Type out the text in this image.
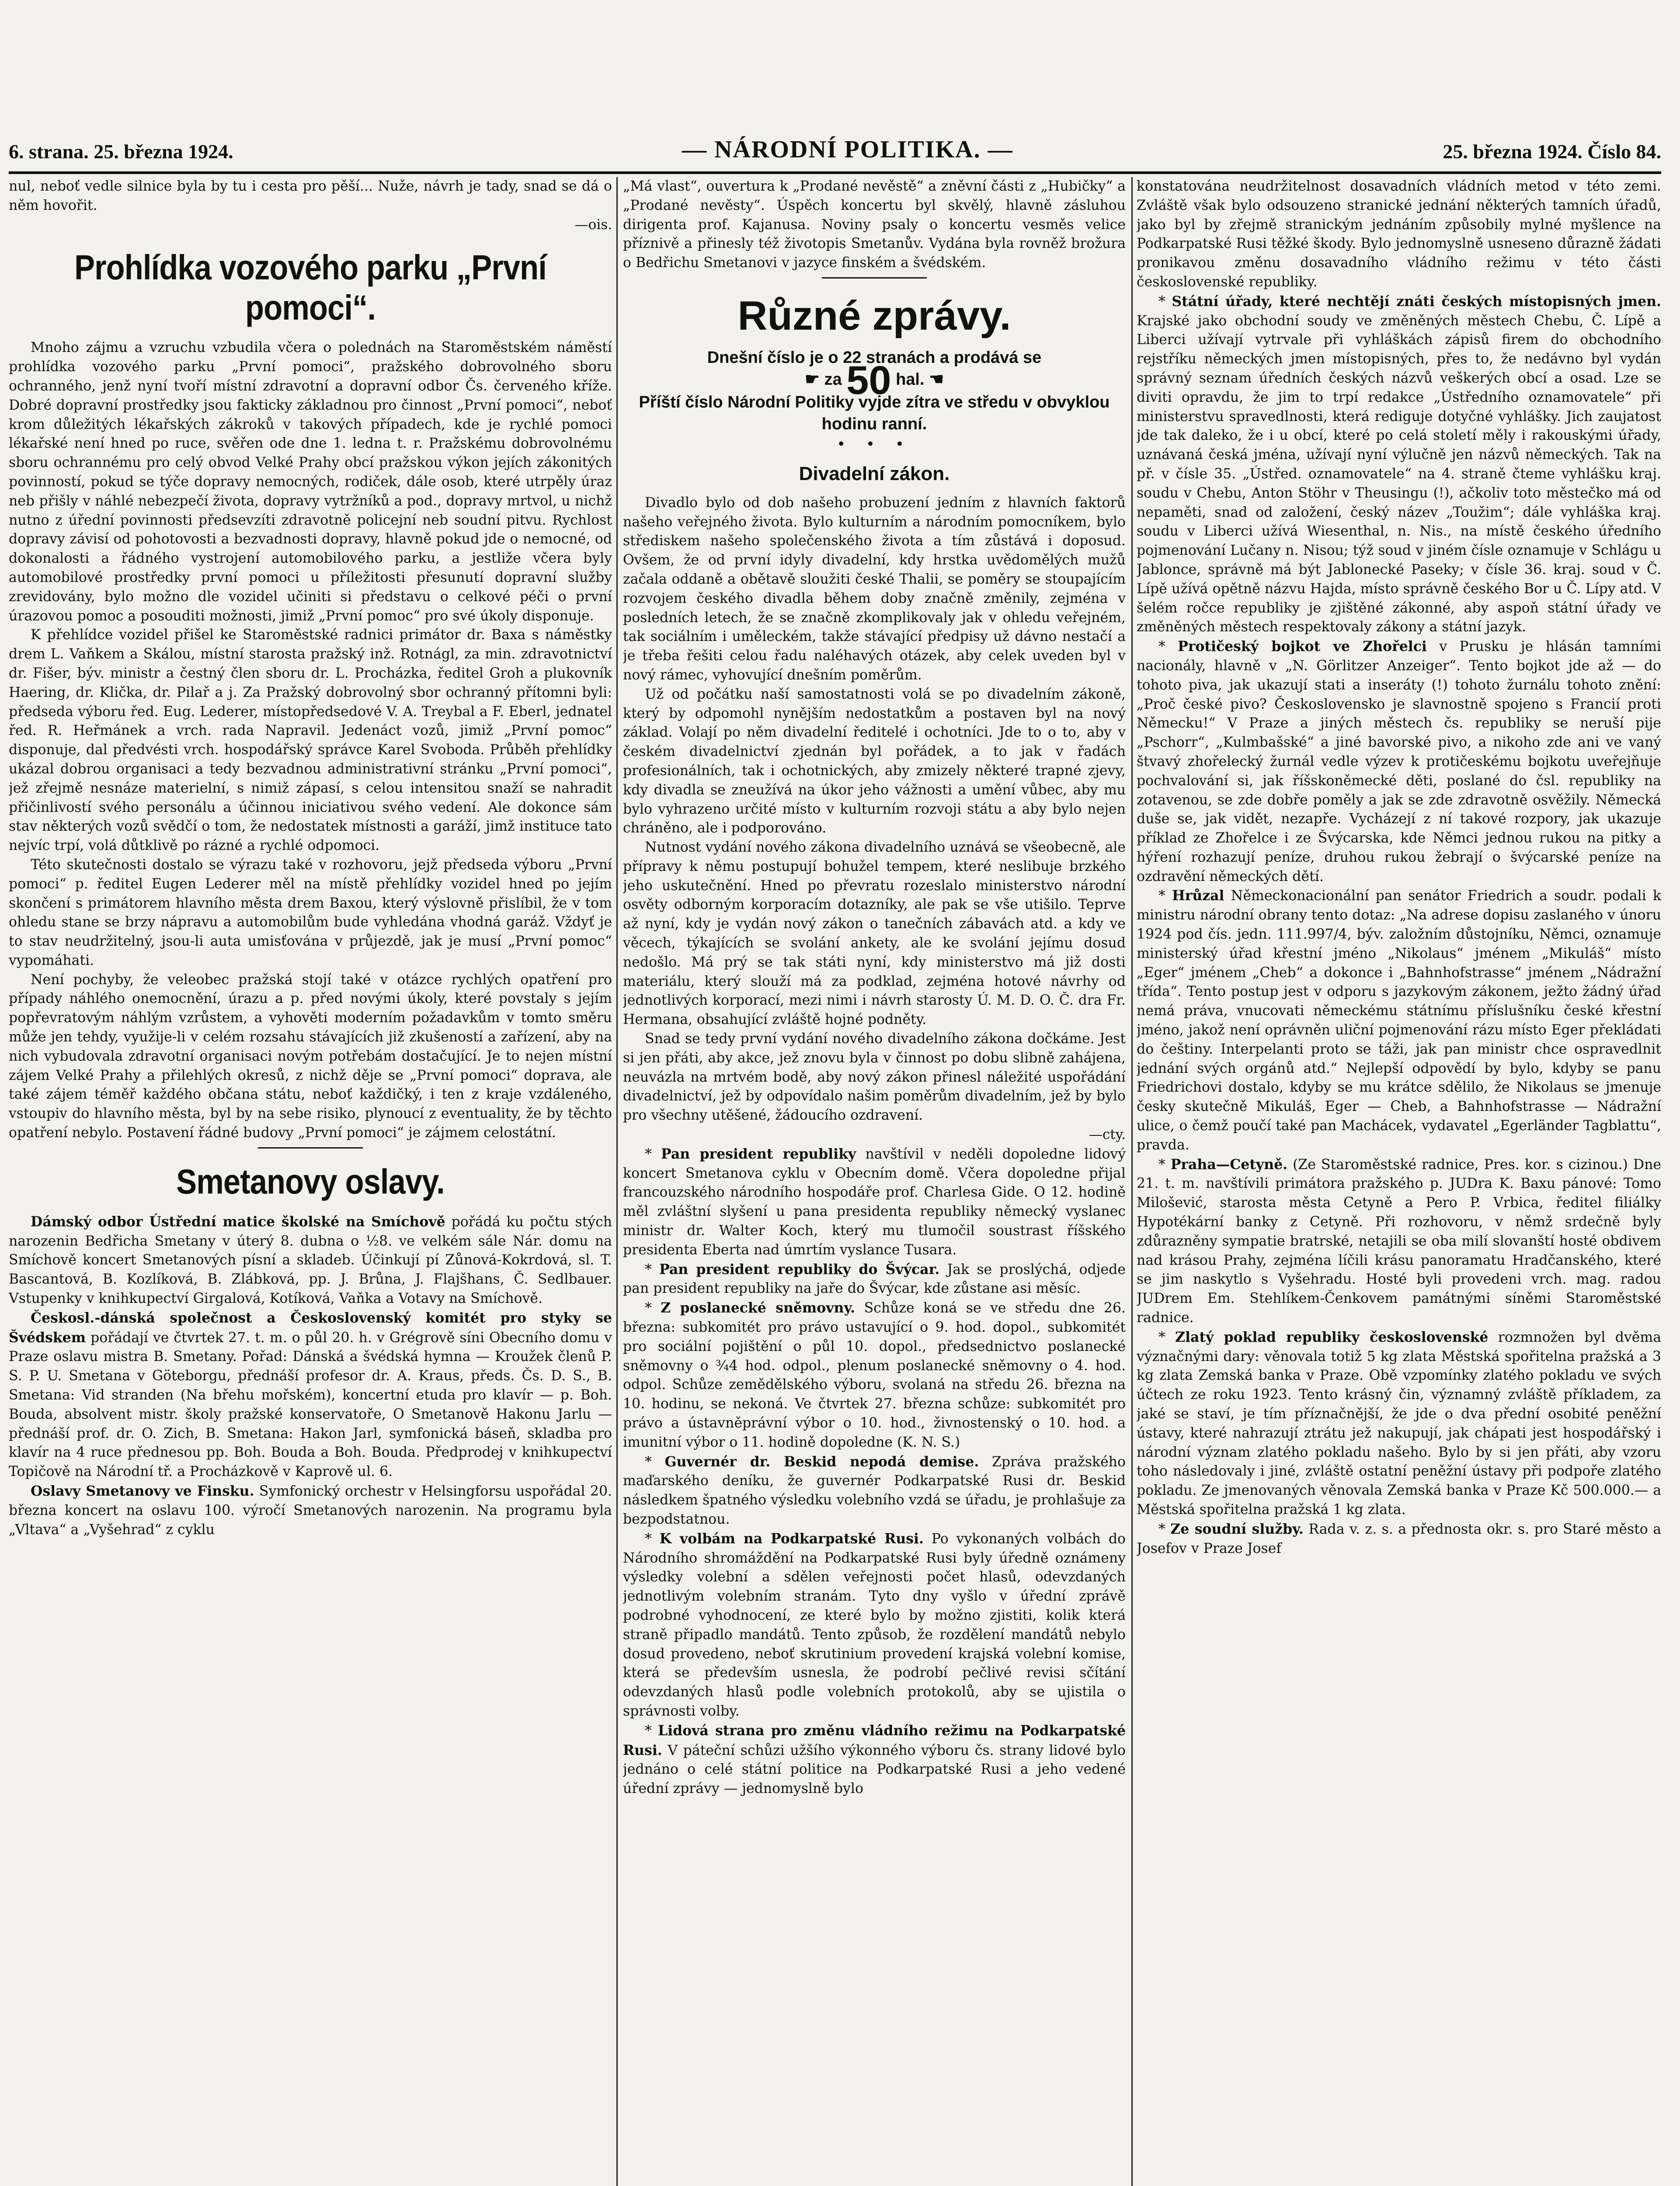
6. strana. 25. března 1924.	— NÁRODNÍ POLITIKA. —	25. března 1924. Číslo 84.

nul, neboť vedle silnice byla by tu i cesta pro pěší... Nuže, návrh je tady, snad se dá o něm hovořit.

—ois.

Prohlídka vozového parku „První pomoci“.

Mnoho zájmu a vzruchu vzbudila včera o polednách na Staroměstském náměstí prohlídka vozového parku „První pomoci“, pražského dobrovolného sboru ochranného, jenž nyní tvoří místní zdravotní a dopravní odbor Čs. červeného kříže. Dobré dopravní prostředky jsou fakticky základnou pro činnost „První pomoci“, neboť krom důležitých lékařských zákroků v takových případech, kde je rychlé pomoci lékařské není hned po ruce, svěřen ode dne 1. ledna t. r. Pražskému dobrovolnému sboru ochrannému pro celý obvod Velké Prahy obcí pražskou výkon jejích zákonitých povinností, pokud se týče dopravy nemocných, rodiček, dále osob, které utrpěly úraz neb přišly v náhlé nebezpečí života, dopravy vytržníků a pod., dopravy mrtvol, u nichž nutno z úřední povinnosti předsevzíti zdravotně policejní neb soudní pitvu. Rychlost dopravy závisí od pohotovosti a bezvadnosti dopravy, hlavně pokud jde o nemocné, od dokonalosti a řádného vystrojení automobilového parku, a jestliže včera byly automobilové prostředky první pomoci u příležitosti přesunutí dopravní služby zrevidovány, bylo možno dle vozidel učiniti si představu o celkové péči o první úrazovou pomoc a posouditi možnosti, jimiž „První pomoc“ pro své úkoly disponuje.

K přehlídce vozidel přišel ke Staroměstské radnici primátor dr. Baxa s náměstky drem L. Vaňkem a Skálou, místní starosta pražský inž. Rotnágl, za min. zdravotnictví dr. Fišer, býv. ministr a čestný člen sboru dr. L. Procházka, ředitel Groh a plukovník Haering, dr. Klička, dr. Pilař a j. Za Pražský dobrovolný sbor ochranný přítomni byli: předseda výboru řed. Eug. Lederer, místopředsedové V. A. Treybal a F. Eberl, jednatel řed. R. Heřmánek a vrch. rada Napravil. Jedenáct vozů, jimiž „První pomoc“ disponuje, dal předvésti vrch. hospodářský správce Karel Svoboda. Průběh přehlídky ukázal dobrou organisaci a tedy bezvadnou administrativní stránku „První pomoci“, jež zřejmě nesnáze materielní, s nimiž zápasí, s celou intensitou snaží se nahradit přičinlivostí svého personálu a účinnou iniciativou svého vedení. Ale dokonce sám stav některých vozů svědčí o tom, že nedostatek místnosti a garáží, jimž instituce tato nejvíc trpí, volá důtklivě po rázné a rychlé odpomoci.

Této skutečnosti dostalo se výrazu také v rozhovoru, jejž předseda výboru „První pomoci“ p. ředitel Eugen Lederer měl na místě přehlídky vozidel hned po jejím skončení s primátorem hlavního města drem Baxou, který výslovně přislíbil, že v tom ohledu stane se brzy nápravu a automobilům bude vyhledána vhodná garáž. Vždyť je to stav neudržitelný, jsou-li auta umisťována v průjezdě, jak je musí „První pomoc“ vypomáhati.

Není pochyby, že veleobec pražská stojí také v otázce rychlých opatření pro případy náhlého onemocnění, úrazu a p. před novými úkoly, které povstaly s jejím popřevratovým náhlým vzrůstem, a vyhověti moderním požadavkům v tomto směru může jen tehdy, využije-li v celém rozsahu stávajících již zkušeností a zařízení, aby na nich vybudovala zdravotní organisaci novým potřebám dostačující. Je to nejen místní zájem Velké Prahy a přilehlých okresů, z nichž děje se „První pomoci“ doprava, ale také zájem téměř každého občana státu, neboť každičký, i ten z kraje vzdáleného, vstoupiv do hlavního města, byl by na sebe risiko, plynoucí z eventuality, že by těchto opatření nebylo. Postavení řádné budovy „První pomoci“ je zájmem celostátní.

Smetanovy oslavy.

Dámský odbor Ústřední matice školské na Smíchově pořádá ku počtu stých narozenin Bedřicha Smetany v úterý 8. dubna o ½8. ve velkém sále Nár. domu na Smíchově koncert Smetanových písní a skladeb. Účinkují pí Zůnová-Kokrdová, sl. T. Bascantová, B. Kozlíková, B. Zlábková, pp. J. Brůna, J. Flajšhans, Č. Sedlbauer. Vstupenky v knihkupectví Girgalová, Kotíková, Vaňka a Votavy na Smíchově.

Českosl.-dánská společnost a Československý komitét pro styky se Švédskem pořádají ve čtvrtek 27. t. m. o půl 20. h. v Grégrově síni Obecního domu v Praze oslavu mistra B. Smetany. Pořad: Dánská a švédská hymna — Kroužek členů P. S. P. U. Smetana v Göteborgu, přednáší profesor dr. A. Kraus, předs. Čs. D. S., B. Smetana: Vid stranden (Na břehu mořském), koncertní etuda pro klavír — p. Boh. Bouda, absolvent mistr. školy pražské konservatoře, O Smetanově Hakonu Jarlu — přednáší prof. dr. O. Zich, B. Smetana: Hakon Jarl, symfonická báseň, skladba pro klavír na 4 ruce přednesou pp. Boh. Bouda a Boh. Bouda. Předprodej v knihkupectví Topičově na Národní tř. a Procházkově v Kaprově ul. 6.

Oslavy Smetanovy ve Finsku. Symfonický orchestr v Helsingforsu uspořádal 20. března koncert na oslavu 100. výročí Smetanových narozenin. Na programu byla „Vltava“ a „Vyšehrad“ z cyklu

„Má vlast“, ouvertura k „Prodané nevěstě“ a zněvní části z „Hubičky“ a „Prodané nevěsty“. Úspěch koncertu byl skvělý, hlavně zásluhou dirigenta prof. Kajanusa. Noviny psaly o koncertu vesměs velice příznivě a přinesly též životopis Smetanův. Vydána byla rovněž brožura o Bedřichu Smetanovi v jazyce finském a švédském.

Různé zprávy.
Dnešní číslo je o 22 stranách a prodává se
☛ za 50 hal. ☚
Příští číslo Národní Politiky vyjde zítra ve středu v obvyklou hodinu ranní.
• • •
Divadelní zákon.

Divadlo bylo od dob našeho probuzení jedním z hlavních faktorů našeho veřejného života. Bylo kulturním a národním pomocníkem, bylo střediskem našeho společenského života a tím zůstává i doposud. Ovšem, že od první idyly divadelní, kdy hrstka uvědomělých mužů začala oddaně a obětavě sloužiti české Thalii, se poměry se stoupajícím rozvojem českého divadla během doby značně změnily, zejména v posledních letech, že se značně zkomplikovaly jak v ohledu veřejném, tak sociálním i uměleckém, takže stávající předpisy už dávno nestačí a je třeba řešiti celou řadu naléhavých otázek, aby celek uveden byl v nový rámec, vyhovující dnešním poměrům.

Už od počátku naší samostatnosti volá se po divadelním zákoně, který by odpomohl nynějším nedostatkům a postaven byl na nový základ. Volají po něm divadelní ředitelé i ochotníci. Jde to o to, aby v českém divadelnictví zjednán byl pořádek, a to jak v řadách profesionálních, tak i ochotnických, aby zmizely některé trapné zjevy, kdy divadla se zneužívá na úkor jeho vážnosti a umění vůbec, aby mu bylo vyhrazeno určité místo v kulturním rozvoji státu a aby bylo nejen chráněno, ale i podporováno.

Nutnost vydání nového zákona divadelního uznává se všeobecně, ale přípravy k němu postupují bohužel tempem, které neslibuje brzkého jeho uskutečnění. Hned po převratu rozeslalo ministerstvo národní osvěty odborným korporacím dotazníky, ale pak se vše utišilo. Teprve až nyní, kdy je vydán nový zákon o tanečních zábavách atd. a kdy ve věcech, týkajících se svolání ankety, ale ke svolání jejímu dosud nedošlo. Má prý se tak státi nyní, kdy ministerstvo má již dosti materiálu, který slouží má za podklad, zejména hotové návrhy od jednotlivých korporací, mezi nimi i návrh starosty Ú. M. D. O. Č. dra Fr. Hermana, obsahující zvláště hojné podněty.

Snad se tedy první vydání nového divadelního zákona dočkáme. Jest si jen přáti, aby akce, jež znovu byla v činnost po dobu slibně zahájena, neuvázla na mrtvém bodě, aby nový zákon přinesl náležité uspořádání divadelnictví, jež by odpovídalo našim poměrům divadelním, jež by bylo pro všechny utěšené, žádoucího ozdravení.

—cty.

* Pan president republiky navštívil v neděli dopoledne lidový koncert Smetanova cyklu v Obecním domě. Včera dopoledne přijal francouzského národního hospodáře prof. Charlesa Gide. O 12. hodině měl zvláštní slyšení u pana presidenta republiky německý vyslanec ministr dr. Walter Koch, který mu tlumočil soustrast říšského presidenta Eberta nad úmrtím vyslance Tusara.

* Pan president republiky do Švýcar. Jak se proslýchá, odjede pan president republiky na jaře do Švýcar, kde zůstane asi měsíc.

* Z poslanecké sněmovny. Schůze koná se ve středu dne 26. března: subkomitét pro právo ustavující o 9. hod. dopol., subkomitét pro sociální pojištění o půl 10. dopol., předsednictvo poslanecké sněmovny o ¾4 hod. odpol., plenum poslanecké sněmovny o 4. hod. odpol. Schůze zemědělského výboru, svolaná na středu 26. března na 10. hodinu, se nekoná. Ve čtvrtek 27. března schůze: subkomitét pro právo a ústavněprávní výbor o 10. hod., živnostenský o 10. hod. a imunitní výbor o 11. hodině dopoledne (K. N. S.)

* Guvernér dr. Beskid nepodá demise. Zpráva pražského maďarského deníku, že guvernér Podkarpatské Rusi dr. Beskid následkem špatného výsledku volebního vzdá se úřadu, je prohlašuje za bezpodstatnou.

* K volbám na Podkarpatské Rusi. Po vykonaných volbách do Národního shromáždění na Podkarpatské Rusi byly úředně oznámeny výsledky volební a sdělen veřejnosti počet hlasů, odevzdaných jednotlivým volebním stranám. Tyto dny vyšlo v úřední zprávě podrobné vyhodnocení, ze které bylo by možno zjistiti, kolik která straně připadlo mandátů. Tento způsob, že rozdělení mandátů nebylo dosud provedeno, neboť skrutinium provedení krajská volební komise, která se především usnesla, že podrobí pečlivé revisi sčítání odevzdaných hlasů podle volebních protokolů, aby se ujistila o správnosti volby.

* Lidová strana pro změnu vládního režimu na Podkarpatské Rusi. V páteční schůzi užšího výkonného výboru čs. strany lidové bylo jednáno o celé státní politice na Podkarpatské Rusi a jeho vedené úřední zprávy — jednomyslně bylo

konstatována neudržitelnost dosavadních vládních metod v této zemi. Zvláště však bylo odsouzeno stranické jednání některých tamních úřadů, jako byl by zřejmě stranickým jednáním způsobily mylné myšlence na Podkarpatské Rusi těžké škody. Bylo jednomyslně usneseno důrazně žádati pronikavou změnu dosavadního vládního režimu v této části československé republiky.

* Státní úřady, které nechtějí znáti českých místopisných jmen. Krajské jako obchodní soudy ve změněných městech Chebu, Č. Lípě a Liberci užívají vytrvale při vyhláškách zápisů firem do obchodního rejstříku německých jmen místopisných, přes to, že nedávno byl vydán správný seznam úředních českých názvů veškerých obcí a osad. Lze se diviti opravdu, že jim to trpí redakce „Ústředního oznamovatele“ při ministerstvu spravedlnosti, která rediguje dotyčné vyhlášky. Jich zaujatost jde tak daleko, že i u obcí, které po celá století měly i rakouskými úřady, uznávaná česká jména, užívají nyní výlučně jen názvů německých. Tak na př. v čísle 35. „Ústřed. oznamovatele“ na 4. straně čteme vyhlášku kraj. soudu v Chebu, Anton Stöhr v Theusingu (!), ačkoliv toto městečko má od nepaměti, snad od založení, český název „Toužim“; dále vyhláška kraj. soudu v Liberci užívá Wiesenthal, n. Nis., na místě českého úředního pojmenování Lučany n. Nisou; týž soud v jiném čísle oznamuje v Schlágu u Jablonce, správně má být Jablonecké Paseky; v čísle 36. kraj. soud v Č. Lípě užívá opětně názvu Hajda, místo správně českého Bor u Č. Lípy atd. V šelém ročce republiky je zjištěné zákonné, aby aspoň státní úřady ve změněných městech respektovaly zákony a státní jazyk.

* Protičeský bojkot ve Zhořelci v Prusku je hlásán tamními nacionály, hlavně v „N. Görlitzer Anzeiger“. Tento bojkot jde až — do tohoto piva, jak ukazují stati a inseráty (!) tohoto žurnálu tohoto znění: „Proč české pivo? Československo je slavnostně spojeno s Francií proti Německu!“ V Praze a jiných městech čs. republiky se neruší pije „Pschorr“, „Kulmbašské“ a jiné bavorské pivo, a nikoho zde ani ve vaný štvavý zhořelecký žurnál vedle výzev k protičeskému bojkotu uveřejňuje pochvalování si, jak říšskoněmecké děti, poslané do čsl. republiky na zotavenou, se zde dobře poměly a jak se zde zdravotně osvěžily. Německá duše se, jak vidět, nezapře. Vycházejí z ní takové rozpory, jak ukazuje příklad ze Zhořelce i ze Švýcarska, kde Němci jednou rukou na pitky a hýření rozhazují peníze, druhou rukou žebrají o švýcarské peníze na ozdravění německých dětí.

* Hrůzal Německonacionální pan senátor Friedrich a soudr. podali k ministru národní obrany tento dotaz: „Na adrese dopisu zaslaného v únoru 1924 pod čís. jedn. 111.997/4, býv. založním důstojníku, Němci, oznamuje ministerský úřad křestní jméno „Nikolaus“ jménem „Mikuláš“ místo „Eger“ jménem „Cheb“ a dokonce i „Bahnhofstrasse“ jménem „Nádražní třída“. Tento postup jest v odporu s jazykovým zákonem, ježto žádný úřad nemá práva, vnucovati německému státnímu příslušníku české křestní jméno, jakož není oprávněn uliční pojmenování rázu místo Eger překládati do češtiny. Interpelanti proto se táži, jak pan ministr chce ospravedlnit jednání svých orgánů atd.“ Nejlepší odpovědí by bylo, kdyby se panu Friedrichovi dostalo, kdyby se mu krátce sdělilo, že Nikolaus se jmenuje česky skutečně Mikuláš, Eger — Cheb, a Bahnhofstrasse — Nádražní ulice, o čemž poučí také pan Machácek, vydavatel „Egerländer Tagblattu“, pravda.

* Praha—Cetyně. (Ze Staroměstské radnice, Pres. kor. s cizinou.) Dne 21. t. m. navštívili primátora pražského p. JUDra K. Baxu pánové: Tomo Milošević, starosta města Cetyně a Pero P. Vrbica, ředitel filiálky Hypotékární banky z Cetyně. Při rozhovoru, v němž srdečně byly zdůrazněny sympatie bratrské, netajili se oba milí slovanští hosté obdivem nad krásou Prahy, zejména líčili krásu panoramatu Hradčanského, které se jim naskytlo s Vyšehradu. Hosté byli provedeni vrch. mag. radou JUDrem Em. Stehlíkem-Čenkovem památnými síněmi Staroměstské radnice.

* Zlatý poklad republiky československé rozmnožen byl dvěma význačnými dary: věnovala totiž 5 kg zlata Městská spořitelna pražská a 3 kg zlata Zemská banka v Praze. Obě vzpomínky zlatého pokladu ve svých účtech ze roku 1923. Tento krásný čin, významný zvláště příkladem, za jaké se staví, je tím příznačnější, že jde o dva přední osobité peněžní ústavy, které nahrazují ztrátu jež nakupují, jak chápati jest hospodářský i národní význam zlatého pokladu našeho. Bylo by si jen přáti, aby vzoru toho následovaly i jiné, zvláště ostatní peněžní ústavy při podpoře zlatého pokladu. Ze jmenovaných věnovala Zemská banka v Praze Kč 500.000.— a Městská spořitelna pražská 1 kg zlata.

* Ze soudní služby. Rada v. z. s. a přednosta okr. s. pro Staré město a Josefov v Praze Josef
